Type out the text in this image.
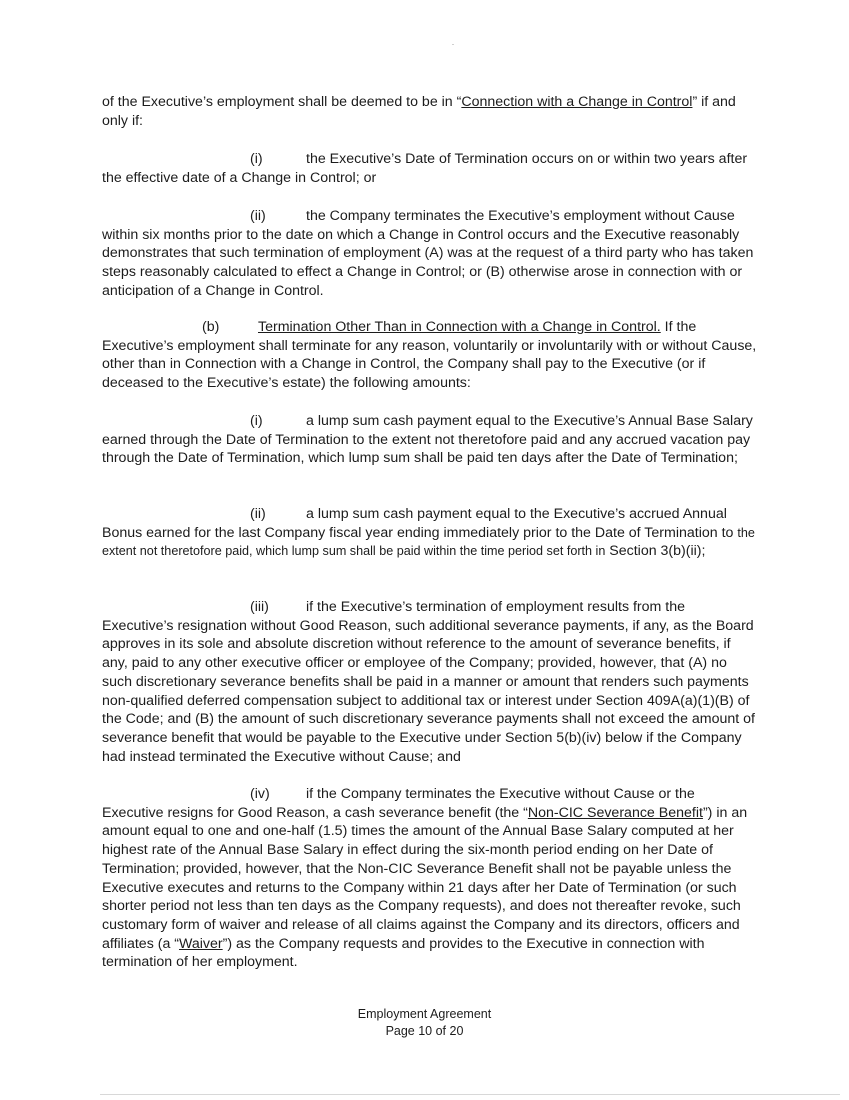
of the Executive’s employment shall be deemed to be in “Connection with a Change in Control” if and only if:

(i)	the Executive’s Date of Termination occurs on or within two years after the effective date of a Change in Control; or

(ii)	the Company terminates the Executive’s employment without Cause within six months prior to the date on which a Change in Control occurs and the Executive reasonably demonstrates that such termination of employment (A) was at the request of a third party who has taken steps reasonably calculated to effect a Change in Control; or (B) otherwise arose in connection with or anticipation of a Change in Control.

(b)	Termination Other Than in Connection with a Change in Control. If the Executive’s employment shall terminate for any reason, voluntarily or involuntarily with or without Cause, other than in Connection with a Change in Control, the Company shall pay to the Executive (or if deceased to the Executive’s estate) the following amounts:

(i)	a lump sum cash payment equal to the Executive’s Annual Base Salary earned through the Date of Termination to the extent not theretofore paid and any accrued vacation pay through the Date of Termination, which lump sum shall be paid ten days after the Date of Termination;

(ii)	a lump sum cash payment equal to the Executive’s accrued Annual Bonus earned for the last Company fiscal year ending immediately prior to the Date of Termination to the extent not theretofore paid, which lump sum shall be paid within the time period set forth in Section 3(b)(ii);

(iii)	if the Executive’s termination of employment results from the Executive’s resignation without Good Reason, such additional severance payments, if any, as the Board approves in its sole and absolute discretion without reference to the amount of severance benefits, if any, paid to any other executive officer or employee of the Company; provided, however, that (A) no such discretionary severance benefits shall be paid in a manner or amount that renders such payments non-qualified deferred compensation subject to additional tax or interest under Section 409A(a)(1)(B) of the Code; and (B) the amount of such discretionary severance payments shall not exceed the amount of severance benefit that would be payable to the Executive under Section 5(b)(iv) below if the Company had instead terminated the Executive without Cause; and

(iv)	if the Company terminates the Executive without Cause or the Executive resigns for Good Reason, a cash severance benefit (the “Non-CIC Severance Benefit”) in an amount equal to one and one-half (1.5) times the amount of the Annual Base Salary computed at her highest rate of the Annual Base Salary in effect during the six-month period ending on her Date of Termination; provided, however, that the Non-CIC Severance Benefit shall not be payable unless the Executive executes and returns to the Company within 21 days after her Date of Termination (or such shorter period not less than ten days as the Company requests), and does not thereafter revoke, such customary form of waiver and release of all claims against the Company and its directors, officers and affiliates (a “Waiver”) as the Company requests and provides to the Executive in connection with termination of her employment.

Employment Agreement
Page 10 of 20
